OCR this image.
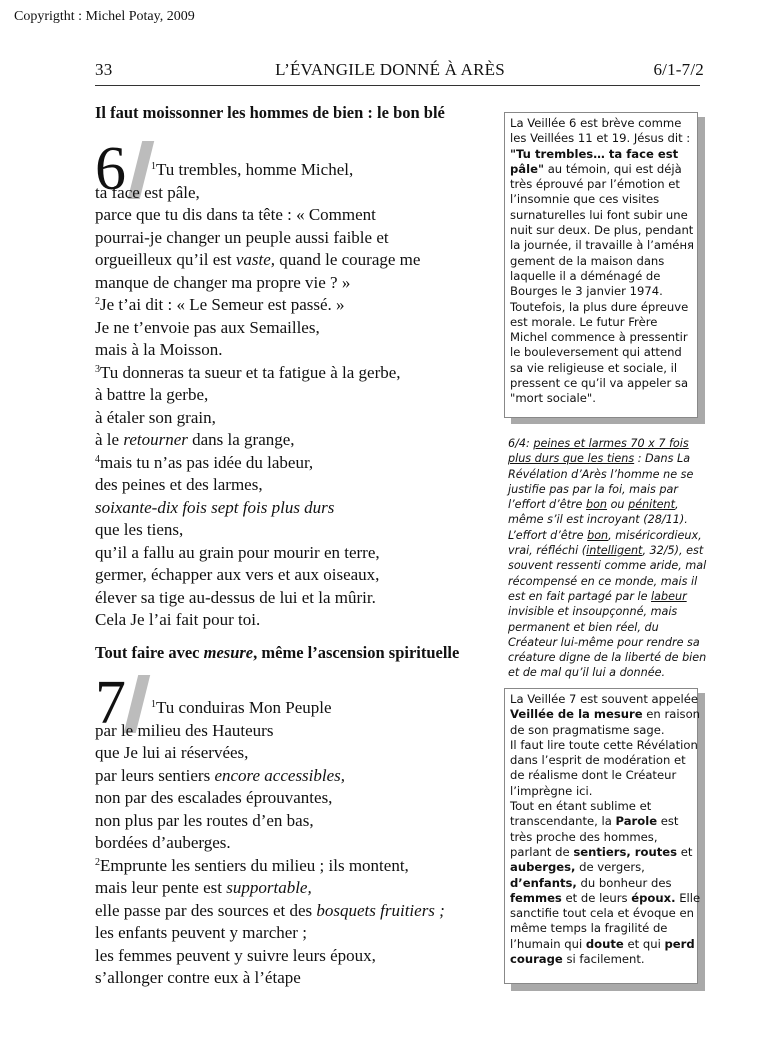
Copyrigtht : Michel Potay, 2009
33	L’ÉVANGILE DONNÉ À ARÈS	6/1-7/2
Il faut moissonner les hommes de bien : le bon blé
6	$^1$Tu trembles, homme Michel,
ta face est pâle,
parce que tu dis dans ta tête : « Comment
pourrai-je changer un peuple aussi faible et
orgueilleux qu’il est vaste, quand le courage me
manque de changer ma propre vie ? »
$^2$Je t’ai dit : « Le Semeur est passé. »
Je ne t’envoie pas aux Semailles,
mais à la Moisson.
$^3$Tu donneras ta sueur et ta fatigue à la gerbe,
à battre la gerbe,
à étaler son grain,
à le retourner dans la grange,
$^4$mais tu n’as pas idée du labeur,
des peines et des larmes,
soixante-dix fois sept fois plus durs
que les tiens,
qu’il a fallu au grain pour mourir en terre,
germer, échapper aux vers et aux oiseaux,
élever sa tige au-dessus de lui et la mûrir.
Cela Je l’ai fait pour toi.
Tout faire avec mesure, même l’ascension spirituelle
7	$^1$Tu conduiras Mon Peuple
par le milieu des Hauteurs
que Je lui ai réservées,
par leurs sentiers encore accessibles,
non par des escalades éprouvantes,
non plus par les routes d’en bas,
bordées d’auberges.
$^2$Emprunte les sentiers du milieu ; ils montent,
mais leur pente est supportable,
elle passe par des sources et des bosquets fruitiers ;
les enfants peuvent y marcher ;
les femmes peuvent y suivre leurs époux,
s’allonger contre eux à l’étape
La Veillée 6 est brève comme
les Veillées 11 et 19. Jésus dit :
"Tu trembles… ta face est
pâle" au témoin, qui est déjà
très éprouvé par l’émotion et
l’insomnie que ces visites
surnaturelles lui font subir une
nuit sur deux. De plus, pendant
la journée, il travaille à l’améня
gement de la maison dans
laquelle il a déménagé de
Bourges le 3 janvier 1974.
Toutefois, la plus dure épreuve
est morale. Le futur Frère
Michel commence à pressentir
le bouleversement qui attend
sa vie religieuse et sociale, il
pressent ce qu’il va appeler sa
"mort sociale".
6/4: peines et larmes 70 x 7 fois
plus durs que les tiens : Dans La
Révélation d’Arès l’homme ne se
justifie pas par la foi, mais par
l’effort d’être bon ou pénitent,
même s’il est incroyant (28/11).
L’effort d’être bon, miséricordieux,
vrai, réfléchi (intelligent, 32/5), est
souvent ressenti comme aride, mal
récompensé en ce monde, mais il
est en fait partagé par le labeur
invisible et insoupçonné, mais
permanent et bien réel, du
Créateur lui-même pour rendre sa
créature digne de la liberté de bien
et de mal qu’il lui a donnée.
La Veillée 7 est souvent appelée
Veillée de la mesure en raison
de son pragmatisme sage.
Il faut lire toute cette Révélation
dans l’esprit de modération et
de réalisme dont le Créateur
l’imprègne ici.
Tout en étant sublime et
transcendante, la Parole est
très proche des hommes,
parlant de sentiers, routes et
auberges, de vergers,
d’enfants, du bonheur des
femmes et de leurs époux. Elle
sanctifie tout cela et évoque en
même temps la fragilité de
l’humain qui doute et qui perd
courage si facilement.
